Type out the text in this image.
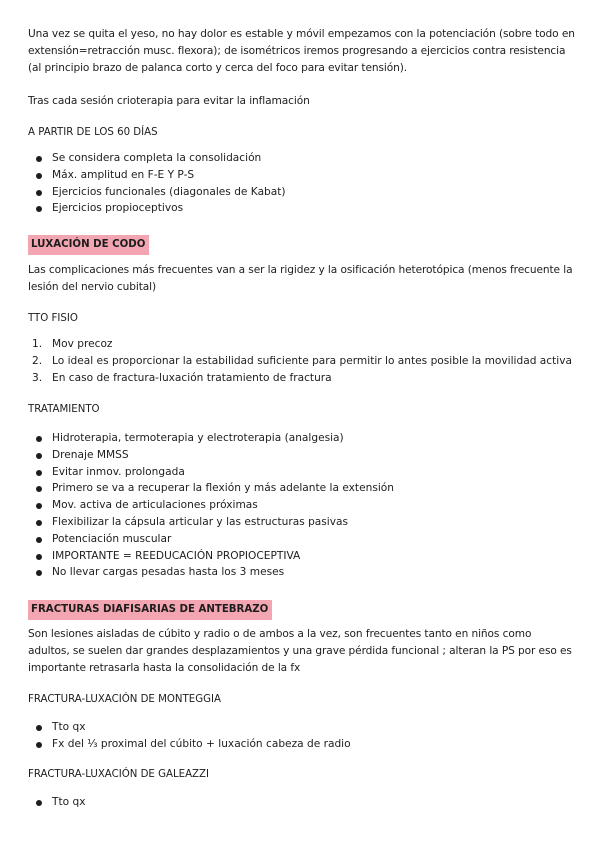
Una vez se quita el yeso, no hay dolor es estable y móvil empezamos con la potenciación (sobre todo en extensión=retracción musc. flexora); de isométricos iremos progresando a ejercicios contra resistencia (al principio brazo de palanca corto y cerca del foco para evitar tensión).
Tras cada sesión crioterapia para evitar la inflamación
A PARTIR DE LOS 60 DÍAS
Se considera completa la consolidación
Máx. amplitud en F-E Y P-S
Ejercicios funcionales (diagonales de Kabat)
Ejercicios propioceptivos
LUXACIÓN DE CODO
Las complicaciones más frecuentes van a ser la rigidez y la osificación heterotópica (menos frecuente la lesión del nervio cubital)
TTO FISIO
1. Mov precoz
2. Lo ideal es proporcionar la estabilidad suficiente para permitir lo antes posible la movilidad activa
3. En caso de fractura-luxación tratamiento de fractura
TRATAMIENTO
Hidroterapia, termoterapia y electroterapia (analgesia)
Drenaje MMSS
Evitar inmov. prolongada
Primero se va a recuperar la flexión y más adelante la extensión
Mov. activa de articulaciones próximas
Flexibilizar la cápsula articular y las estructuras pasivas
Potenciación muscular
IMPORTANTE = REEDUCACIÓN PROPIOCEPTIVA
No llevar cargas pesadas hasta los 3 meses
FRACTURAS DIAFISARIAS DE ANTEBRAZO
Son lesiones aisladas de cúbito y radio o de ambos a la vez, son frecuentes tanto en niños como adultos, se suelen dar grandes desplazamientos y una grave pérdida funcional ; alteran la PS por eso es importante retrasarla hasta la consolidación de la fx
FRACTURA-LUXACIÓN DE MONTEGGIA
Tto qx
Fx del ⅓ proximal del cúbito + luxación cabeza de radio
FRACTURA-LUXACIÓN DE GALEAZZI
Tto qx
